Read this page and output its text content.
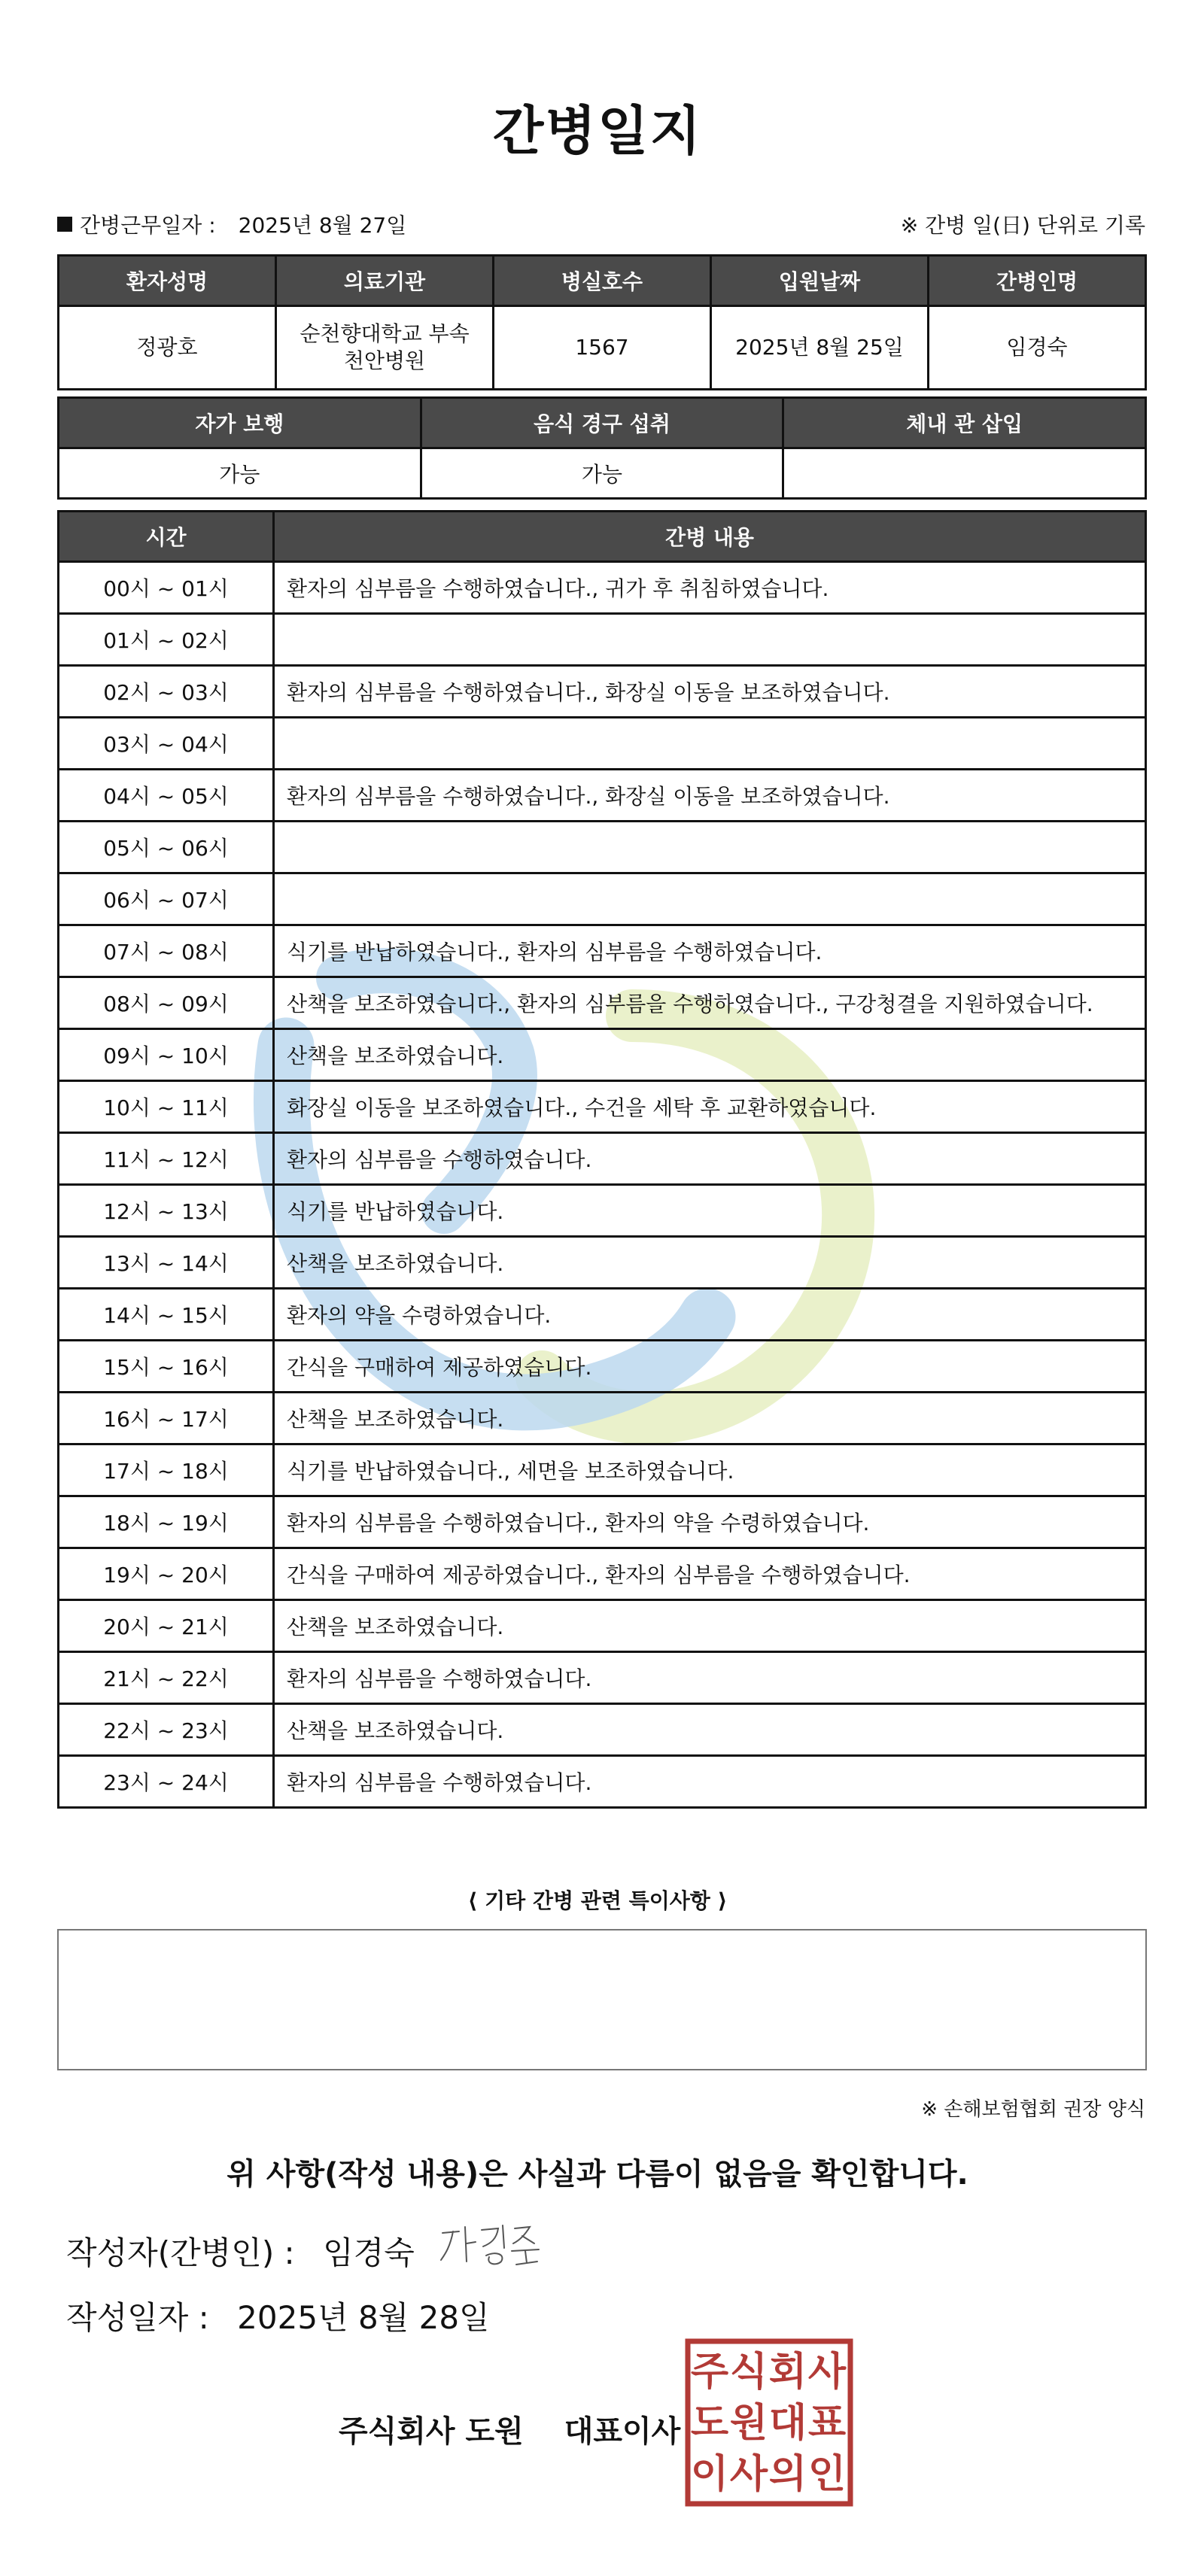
간병일지
간병근무일자 : 2025년 8월 27일	※ 간병 일(日) 단위로 기록
환자성명	의료기관	병실호수	입원날짜	간병인명
정광호	순천향대학교 부속 천안병원	1567	2025년 8월 25일	임경숙
자가 보행	음식 경구 섭취	체내 관 삽입
가능	가능	
시간	간병 내용
00시 ~ 01시	환자의 심부름을 수행하였습니다., 귀가 후 취침하였습니다.
01시 ~ 02시	
02시 ~ 03시	환자의 심부름을 수행하였습니다., 화장실 이동을 보조하였습니다.
03시 ~ 04시	
04시 ~ 05시	환자의 심부름을 수행하였습니다., 화장실 이동을 보조하였습니다.
05시 ~ 06시	
06시 ~ 07시	
07시 ~ 08시	식기를 반납하였습니다., 환자의 심부름을 수행하였습니다.
08시 ~ 09시	산책을 보조하였습니다., 환자의 심부름을 수행하였습니다., 구강청결을 지원하였습니다.
09시 ~ 10시	산책을 보조하였습니다.
10시 ~ 11시	화장실 이동을 보조하였습니다., 수건을 세탁 후 교환하였습니다.
11시 ~ 12시	환자의 심부름을 수행하였습니다.
12시 ~ 13시	식기를 반납하였습니다.
13시 ~ 14시	산책을 보조하였습니다.
14시 ~ 15시	환자의 약을 수령하였습니다.
15시 ~ 16시	간식을 구매하여 제공하였습니다.
16시 ~ 17시	산책을 보조하였습니다.
17시 ~ 18시	식기를 반납하였습니다., 세면을 보조하였습니다.
18시 ~ 19시	환자의 심부름을 수행하였습니다., 환자의 약을 수령하였습니다.
19시 ~ 20시	간식을 구매하여 제공하였습니다., 환자의 심부름을 수행하였습니다.
20시 ~ 21시	산책을 보조하였습니다.
21시 ~ 22시	환자의 심부름을 수행하였습니다.
22시 ~ 23시	산책을 보조하였습니다.
23시 ~ 24시	환자의 심부름을 수행하였습니다.
⟨ 기타 간병 관련 특이사항 ⟩
※ 손해보험협회 권장 양식
위 사항(작성 내용)은 사실과 다름이 없음을 확인합니다.
작성자(간병인) : 임경숙
작성일자 : 2025년 8월 28일
주식회사 도원 대표이사
주 식 회 사
도 원 대 표
이 사 의 인
